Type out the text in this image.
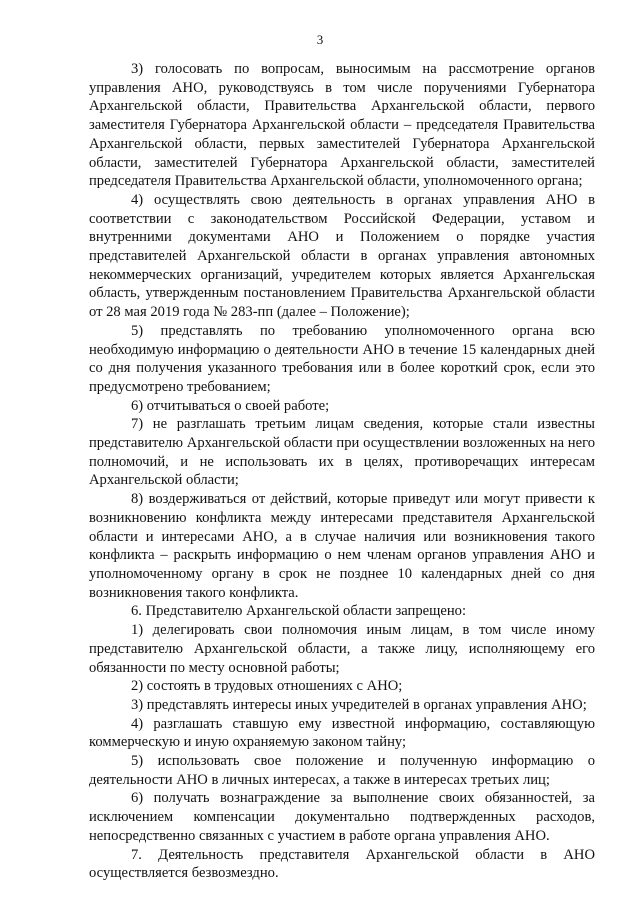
3

3) голосовать по вопросам, выносимым на рассмотрение органов управления АНО, руководствуясь в том числе поручениями Губернатора Архангельской области, Правительства Архангельской области, первого заместителя Губернатора Архангельской области – председателя Правительства Архангельской области, первых заместителей Губернатора Архангельской области, заместителей Губернатора Архангельской области, заместителей председателя Правительства Архангельской области, уполномоченного органа;

4) осуществлять свою деятельность в органах управления АНО в соответствии с законодательством Российской Федерации, уставом и внутренними документами АНО и Положением о порядке участия представителей Архангельской области в органах управления автономных некоммерческих организаций, учредителем которых является Архангельская область, утвержденным постановлением Правительства Архангельской области от 28 мая 2019 года № 283-пп (далее – Положение);

5) представлять по требованию уполномоченного органа всю необходимую информацию о деятельности АНО в течение 15 календарных дней со дня получения указанного требования или в более короткий срок, если это предусмотрено требованием;

6) отчитываться о своей работе;

7) не разглашать третьим лицам сведения, которые стали известны представителю Архангельской области при осуществлении возложенных на него полномочий, и не использовать их в целях, противоречащих интересам Архангельской области;

8) воздерживаться от действий, которые приведут или могут привести к возникновению конфликта между интересами представителя Архангельской области и интересами АНО, а в случае наличия или возникновения такого конфликта – раскрыть информацию о нем членам органов управления АНО и уполномоченному органу в срок не позднее 10 календарных дней со дня возникновения такого конфликта.

6. Представителю Архангельской области запрещено:

1) делегировать свои полномочия иным лицам, в том числе иному представителю Архангельской области, а также лицу, исполняющему его обязанности по месту основной работы;

2) состоять в трудовых отношениях с АНО;

3) представлять интересы иных учредителей в органах управления АНО;

4) разглашать ставшую ему известной информацию, составляющую коммерческую и иную охраняемую законом тайну;

5) использовать свое положение и полученную информацию о деятельности АНО в личных интересах, а также в интересах третьих лиц;

6) получать вознаграждение за выполнение своих обязанностей, за исключением компенсации документально подтвержденных расходов, непосредственно связанных с участием в работе органа управления АНО.

7. Деятельность представителя Архангельской области в АНО осуществляется безвозмездно.
